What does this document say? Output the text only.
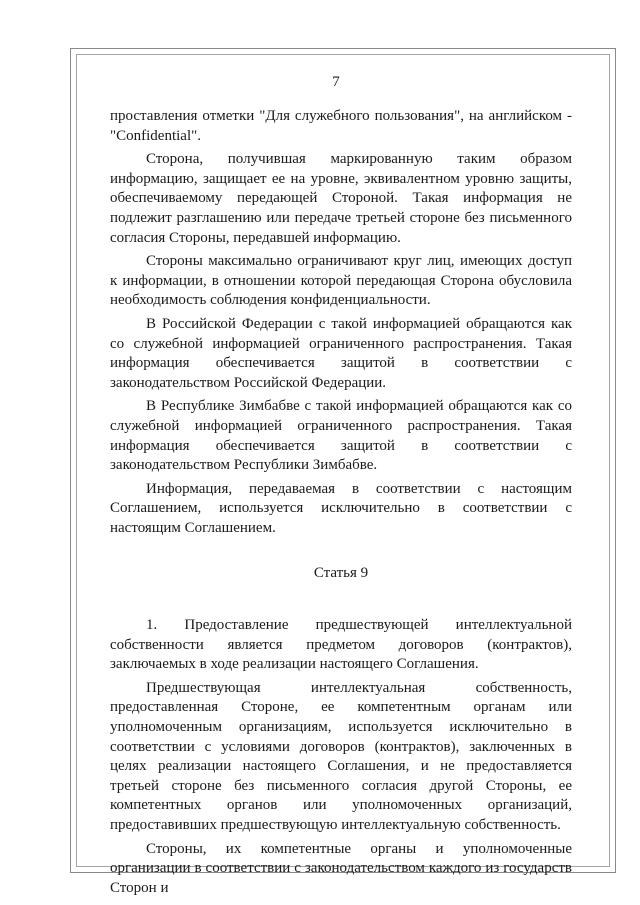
7

проставления отметки "Для служебного пользования", на английском - "Confidential".

Сторона, получившая маркированную таким образом информацию, защищает ее на уровне, эквивалентном уровню защиты, обеспечиваемому передающей Стороной. Такая информация не подлежит разглашению или передаче третьей стороне без письменного согласия Стороны, передавшей информацию.

Стороны максимально ограничивают круг лиц, имеющих доступ к информации, в отношении которой передающая Сторона обусловила необходимость соблюдения конфиденциальности.

В Российской Федерации с такой информацией обращаются как со служебной информацией ограниченного распространения. Такая информация обеспечивается защитой в соответствии с законодательством Российской Федерации.

В Республике Зимбабве с такой информацией обращаются как со служебной информацией ограниченного распространения. Такая информация обеспечивается защитой в соответствии с законодательством Республики Зимбабве.

Информация, передаваемая в соответствии с настоящим Соглашением, используется исключительно в соответствии с настоящим Соглашением.

Статья 9

1. Предоставление предшествующей интеллектуальной собственности является предметом договоров (контрактов), заключаемых в ходе реализации настоящего Соглашения.

Предшествующая интеллектуальная собственность, предоставленная Стороне, ее компетентным органам или уполномоченным организациям, используется исключительно в соответствии с условиями договоров (контрактов), заключенных в целях реализации настоящего Соглашения, и не предоставляется третьей стороне без письменного согласия другой Стороны, ее компетентных органов или уполномоченных организаций, предоставивших предшествующую интеллектуальную собственность.

Стороны, их компетентные органы и уполномоченные организации в соответствии с законодательством каждого из государств Сторон и
